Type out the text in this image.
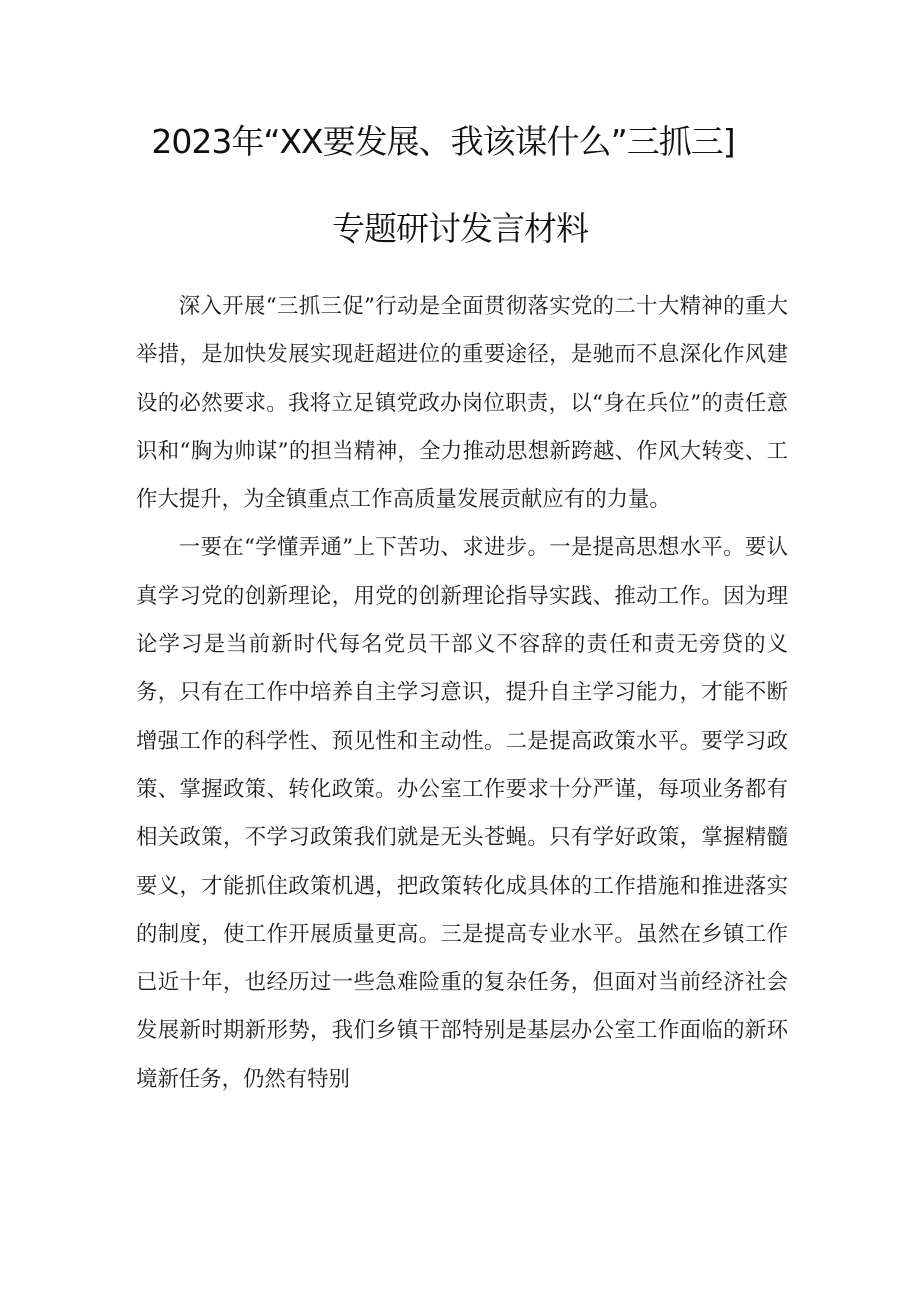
2023年“XX要发展、我该谋什么”三抓三]
专题研讨发言材料

深入开展“三抓三促”行动是全面贯彻落实党的二十大精神的重大举措，是加快发展实现赶超进位的重要途径，是驰而不息深化作风建设的必然要求。我将立足镇党政办岗位职责，以“身在兵位”的责任意识和“胸为帅谋”的担当精神，全力推动思想新跨越、作风大转变、工作大提升，为全镇重点工作高质量发展贡献应有的力量。

一要在“学懂弄通”上下苦功、求进步。一是提高思想水平。要认真学习党的创新理论，用党的创新理论指导实践、推动工作。因为理论学习是当前新时代每名党员干部义不容辞的责任和责无旁贷的义务，只有在工作中培养自主学习意识，提升自主学习能力，才能不断增强工作的科学性、预见性和主动性。二是提高政策水平。要学习政策、掌握政策、转化政策。办公室工作要求十分严谨，每项业务都有相关政策，不学习政策我们就是无头苍蝇。只有学好政策，掌握精髓要义，才能抓住政策机遇，把政策转化成具体的工作措施和推进落实的制度，使工作开展质量更高。三是提高专业水平。虽然在乡镇工作已近十年，也经历过一些急难险重的复杂任务，但面对当前经济社会发展新时期新形势，我们乡镇干部特别是基层办公室工作面临的新环境新任务，仍然有特别
